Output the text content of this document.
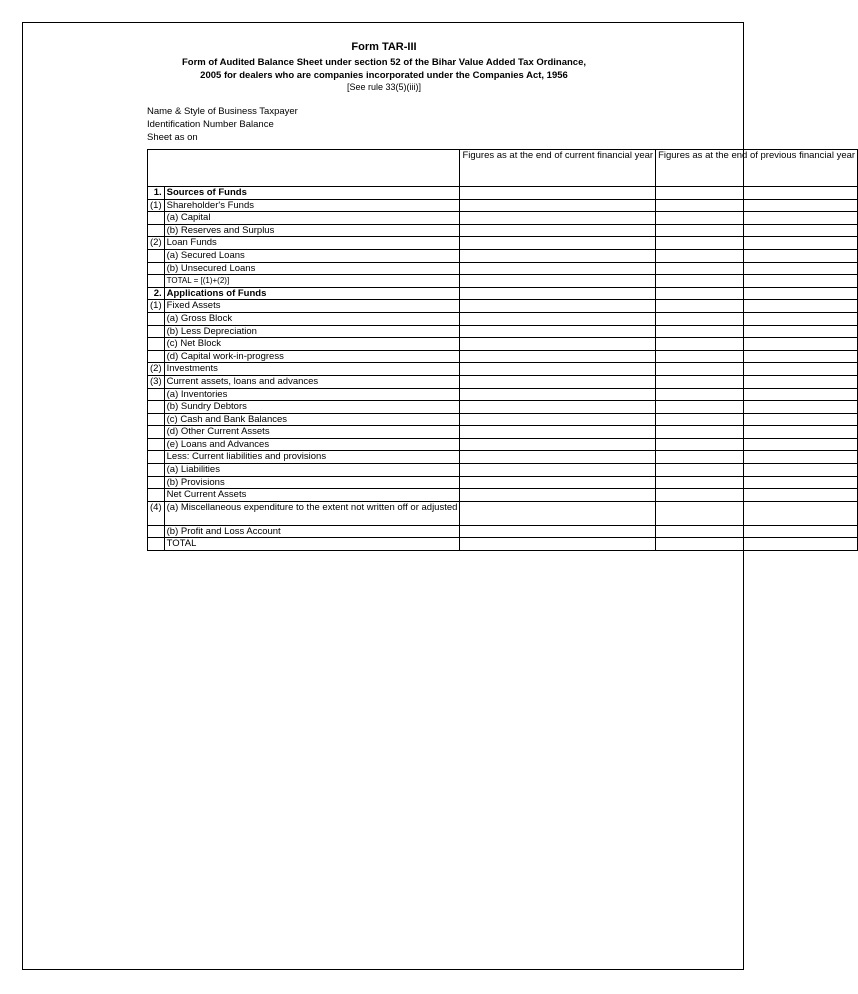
Form TAR-III
Form of Audited Balance Sheet under section 52 of the Bihar Value Added Tax Ordinance,
2005 for dealers who are companies incorporated under the Companies Act, 1956
[See rule 33(5)(iii)]
Name & Style of Business Taxpayer
Identification Number Balance
Sheet as on
		Figures as at the end of current financial year	Figures as at the end of previous financial year
1.	Sources of Funds		
(1)	Shareholder's Funds		
	(a) Capital		
	(b) Reserves and Surplus		
(2)	Loan Funds		
	(a) Secured Loans		
	(b) Unsecured Loans		
	TOTAL = [(1)+(2)]		
2.	Applications of Funds		
(1)	Fixed Assets		
	(a) Gross Block		
	(b) Less Depreciation		
	(c) Net Block		
	(d) Capital work-in-progress		
(2)	Investments		
(3)	Current assets, loans and advances		
	(a) Inventories		
	(b) Sundry Debtors		
	(c) Cash and Bank Balances		
	(d) Other Current Assets		
	(e) Loans and Advances		
	Less: Current liabilities and provisions		
	(a) Liabilities		
	(b) Provisions		
	Net Current Assets		
(4)	(a) Miscellaneous expenditure to the extent not written off or adjusted		
	(b) Profit and Loss Account		
	TOTAL		
